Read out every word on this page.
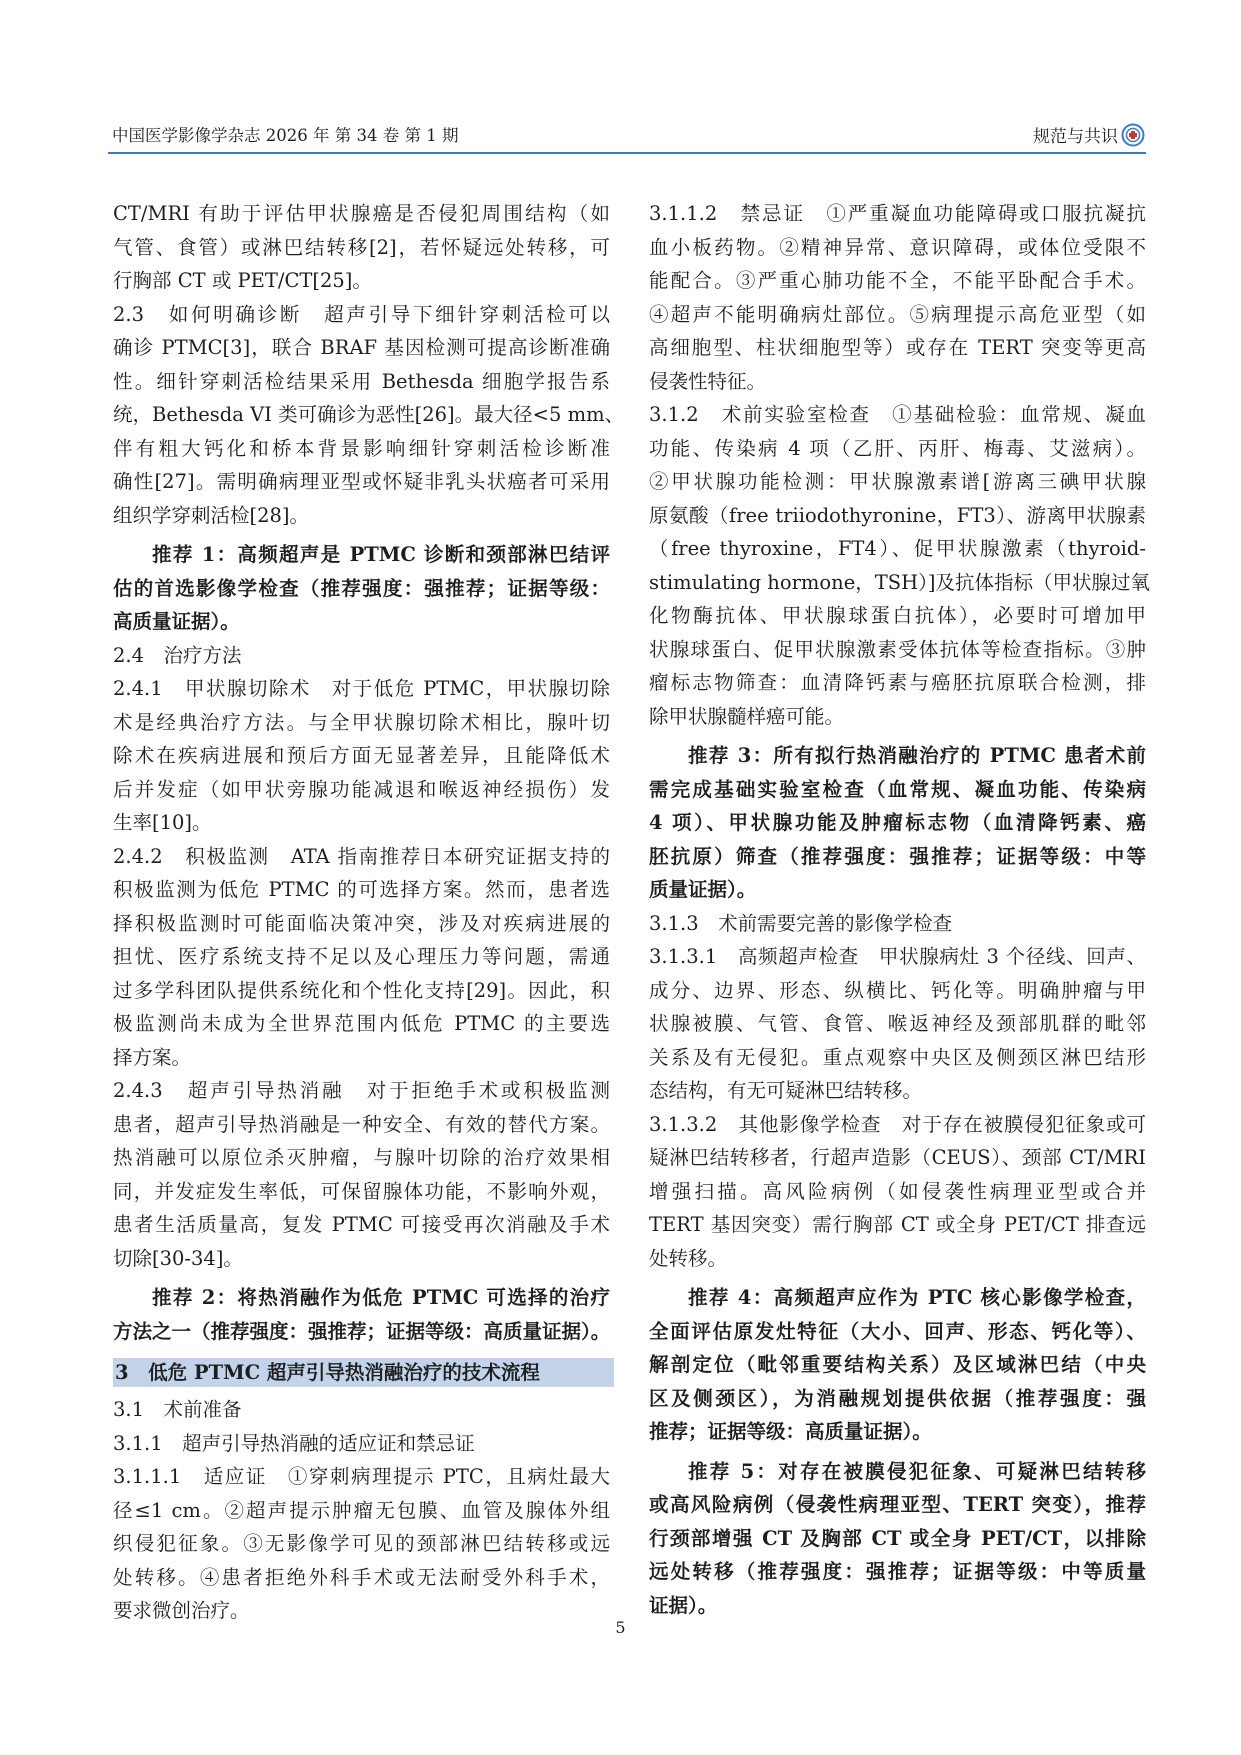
中国医学影像学杂志 2026 年 第 34 卷 第 1 期	规范与共识
CT/MRI 有助于评估甲状腺癌是否侵犯周围结构（如
气管、食管）或淋巴结转移[2]，若怀疑远处转移，可
行胸部 CT 或 PET/CT[25]。
2.3　如何明确诊断　超声引导下细针穿刺活检可以
确诊 PTMC[3]，联合 BRAF 基因检测可提高诊断准确
性。细针穿刺活检结果采用 Bethesda 细胞学报告系
统，Bethesda VI 类可确诊为恶性[26]。最大径<5 mm、
伴有粗大钙化和桥本背景影响细针穿刺活检诊断准
确性[27]。需明确病理亚型或怀疑非乳头状癌者可采用
组织学穿刺活检[28]。
推荐 1：高频超声是 PTMC 诊断和颈部淋巴结评
估的首选影像学检查（推荐强度：强推荐；证据等级：
高质量证据）。
2.4　治疗方法
2.4.1　甲状腺切除术　对于低危 PTMC，甲状腺切除
术是经典治疗方法。与全甲状腺切除术相比，腺叶切
除术在疾病进展和预后方面无显著差异，且能降低术
后并发症（如甲状旁腺功能减退和喉返神经损伤）发
生率[10]。
2.4.2　积极监测　ATA 指南推荐日本研究证据支持的
积极监测为低危 PTMC 的可选择方案。然而，患者选
择积极监测时可能面临决策冲突，涉及对疾病进展的
担忧、医疗系统支持不足以及心理压力等问题，需通
过多学科团队提供系统化和个性化支持[29]。因此，积
极监测尚未成为全世界范围内低危 PTMC 的主要选
择方案。
2.4.3　超声引导热消融　对于拒绝手术或积极监测
患者，超声引导热消融是一种安全、有效的替代方案。
热消融可以原位杀灭肿瘤，与腺叶切除的治疗效果相
同，并发症发生率低，可保留腺体功能，不影响外观，
患者生活质量高，复发 PTMC 可接受再次消融及手术
切除[30-34]。
推荐 2：将热消融作为低危 PTMC 可选择的治疗
方法之一（推荐强度：强推荐；证据等级：高质量证据）。
3　低危 PTMC 超声引导热消融治疗的技术流程
3.1　术前准备
3.1.1　超声引导热消融的适应证和禁忌证
3.1.1.1　适应证　①穿刺病理提示 PTC，且病灶最大
径≤1 cm。②超声提示肿瘤无包膜、血管及腺体外组
织侵犯征象。③无影像学可见的颈部淋巴结转移或远
处转移。④患者拒绝外科手术或无法耐受外科手术，
要求微创治疗。
3.1.1.2　禁忌证　①严重凝血功能障碍或口服抗凝抗
血小板药物。②精神异常、意识障碍，或体位受限不
能配合。③严重心肺功能不全，不能平卧配合手术。
④超声不能明确病灶部位。⑤病理提示高危亚型（如
高细胞型、柱状细胞型等）或存在 TERT 突变等更高
侵袭性特征。
3.1.2　术前实验室检查　①基础检验：血常规、凝血
功能、传染病 4 项（乙肝、丙肝、梅毒、艾滋病）。
②甲状腺功能检测：甲状腺激素谱[游离三碘甲状腺
原氨酸（free triiodothyronine，FT3）、游离甲状腺素
（free thyroxine，FT4）、促甲状腺激素（thyroid-
stimulating hormone，TSH）]及抗体指标（甲状腺过氧
化物酶抗体、甲状腺球蛋白抗体），必要时可增加甲
状腺球蛋白、促甲状腺激素受体抗体等检查指标。③肿
瘤标志物筛查：血清降钙素与癌胚抗原联合检测，排
除甲状腺髓样癌可能。
推荐 3：所有拟行热消融治疗的 PTMC 患者术前
需完成基础实验室检查（血常规、凝血功能、传染病
4 项）、甲状腺功能及肿瘤标志物（血清降钙素、癌
胚抗原）筛查（推荐强度：强推荐；证据等级：中等
质量证据）。
3.1.3　术前需要完善的影像学检查
3.1.3.1　高频超声检查　甲状腺病灶 3 个径线、回声、
成分、边界、形态、纵横比、钙化等。明确肿瘤与甲
状腺被膜、气管、食管、喉返神经及颈部肌群的毗邻
关系及有无侵犯。重点观察中央区及侧颈区淋巴结形
态结构，有无可疑淋巴结转移。
3.1.3.2　其他影像学检查　对于存在被膜侵犯征象或可
疑淋巴结转移者，行超声造影（CEUS）、颈部 CT/MRI
增强扫描。高风险病例（如侵袭性病理亚型或合并
TERT 基因突变）需行胸部 CT 或全身 PET/CT 排查远
处转移。
推荐 4：高频超声应作为 PTC 核心影像学检查，
全面评估原发灶特征（大小、回声、形态、钙化等）、
解剖定位（毗邻重要结构关系）及区域淋巴结（中央
区及侧颈区），为消融规划提供依据（推荐强度：强
推荐；证据等级：高质量证据）。
推荐 5：对存在被膜侵犯征象、可疑淋巴结转移
或高风险病例（侵袭性病理亚型、TERT 突变），推荐
行颈部增强 CT 及胸部 CT 或全身 PET/CT，以排除
远处转移（推荐强度：强推荐；证据等级：中等质量
证据）。
5
